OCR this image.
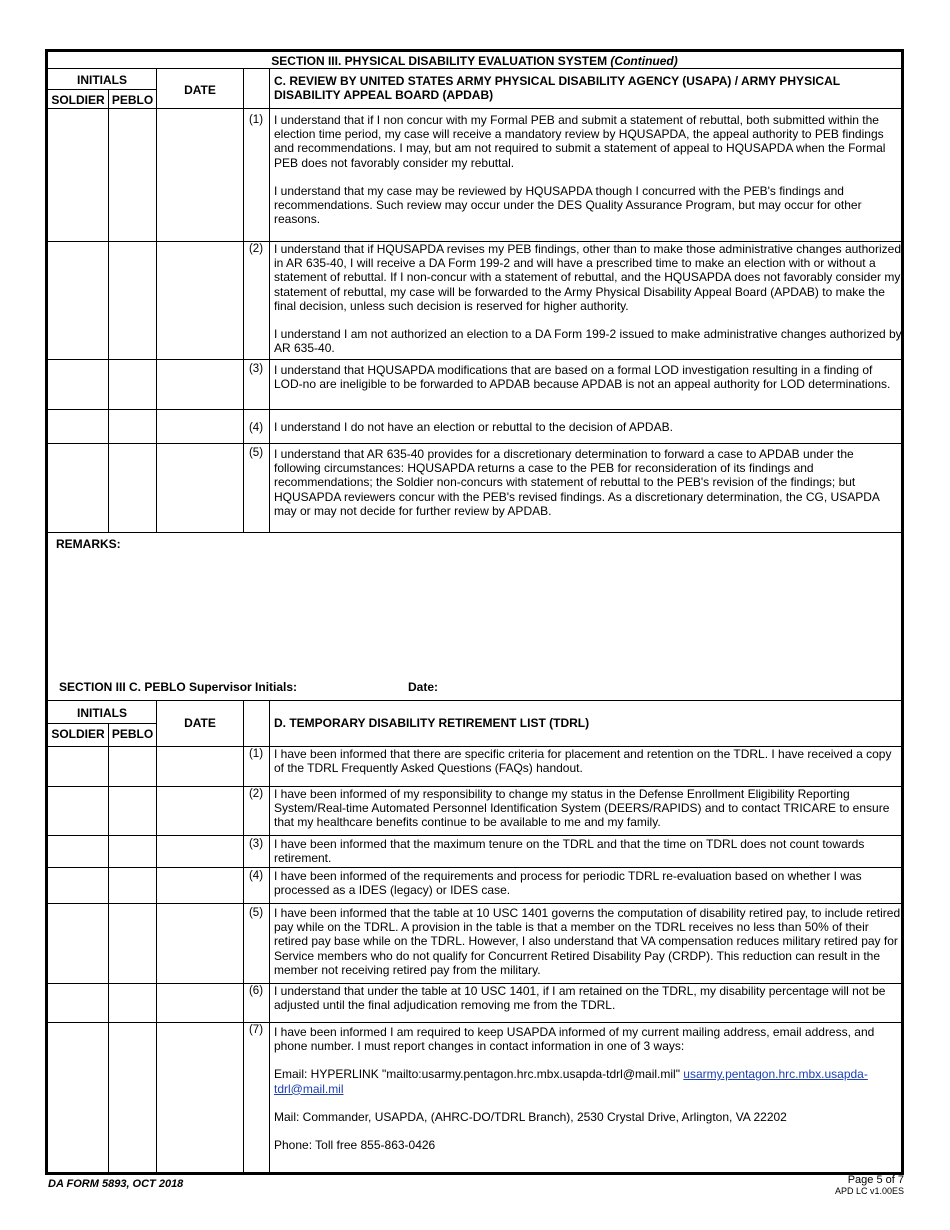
SECTION III. PHYSICAL DISABILITY EVALUATION SYSTEM (Continued)
INITIALS
SOLDIER PEBLO
DATE
C. REVIEW BY UNITED STATES ARMY PHYSICAL DISABILITY AGENCY (USAPA) / ARMY PHYSICAL DISABILITY APPEAL BOARD (APDAB)
(1) I understand that if I non concur with my Formal PEB and submit a statement of rebuttal, both submitted within the election time period, my case will receive a mandatory review by HQUSAPDA, the appeal authority to PEB findings and recommendations. I may, but am not required to submit a statement of appeal to HQUSAPDA when the Formal PEB does not favorably consider my rebuttal.

I understand that my case may be reviewed by HQUSAPDA though I concurred with the PEB's findings and recommendations. Such review may occur under the DES Quality Assurance Program, but may occur for other reasons.

(2) I understand that if HQUSAPDA revises my PEB findings, other than to make those administrative changes authorized in AR 635-40, I will receive a DA Form 199-2 and will have a prescribed time to make an election with or without a statement of rebuttal. If I non-concur with a statement of rebuttal, and the HQUSAPDA does not favorably consider my statement of rebuttal, my case will be forwarded to the Army Physical Disability Appeal Board (APDAB) to make the final decision, unless such decision is reserved for higher authority.

I understand I am not authorized an election to a DA Form 199-2 issued to make administrative changes authorized by AR 635-40.

(3) I understand that HQUSAPDA modifications that are based on a formal LOD investigation resulting in a finding of LOD-no are ineligible to be forwarded to APDAB because APDAB is not an appeal authority for LOD determinations.

(4) I understand I do not have an election or rebuttal to the decision of APDAB.

(5) I understand that AR 635-40 provides for a discretionary determination to forward a case to APDAB under the following circumstances: HQUSAPDA returns a case to the PEB for reconsideration of its findings and recommendations; the Soldier non-concurs with statement of rebuttal to the PEB's revision of the findings; but HQUSAPDA reviewers concur with the PEB's revised findings. As a discretionary determination, the CG, USAPDA may or may not decide for further review by APDAB.

REMARKS:
SECTION III C. PEBLO Supervisor Initials:	Date:
INITIALS
SOLDIER PEBLO
DATE	D. TEMPORARY DISABILITY RETIREMENT LIST (TDRL)
(1) I have been informed that there are specific criteria for placement and retention on the TDRL. I have received a copy of the TDRL Frequently Asked Questions (FAQs) handout.

(2) I have been informed of my responsibility to change my status in the Defense Enrollment Eligibility Reporting System/Real-time Automated Personnel Identification System (DEERS/RAPIDS) and to contact TRICARE to ensure that my healthcare benefits continue to be available to me and my family.

(3) I have been informed that the maximum tenure on the TDRL and that the time on TDRL does not count towards retirement.

(4) I have been informed of the requirements and process for periodic TDRL re-evaluation based on whether I was processed as a IDES (legacy) or IDES case.

(5) I have been informed that the table at 10 USC 1401 governs the computation of disability retired pay, to include retired pay while on the TDRL. A provision in the table is that a member on the TDRL receives no less than 50% of their retired pay base while on the TDRL. However, I also understand that VA compensation reduces military retired pay for Service members who do not qualify for Concurrent Retired Disability Pay (CRDP). This reduction can result in the member not receiving retired pay from the military.

(6) I understand that under the table at 10 USC 1401, if I am retained on the TDRL, my disability percentage will not be adjusted until the final adjudication removing me from the TDRL.

(7) I have been informed I am required to keep USAPDA informed of my current mailing address, email address, and phone number. I must report changes in contact information in one of 3 ways:

Email: HYPERLINK "mailto:usarmy.pentagon.hrc.mbx.usapda-tdrl@mail.mil" usarmy.pentagon.hrc.mbx.usapda-tdrl@mail.mil

Mail: Commander, USAPDA, (AHRC-DO/TDRL Branch), 2530 Crystal Drive, Arlington, VA 22202

Phone: Toll free 855-863-0426

DA FORM 5893, OCT 2018	Page 5 of 7
APD LC v1.00ES
